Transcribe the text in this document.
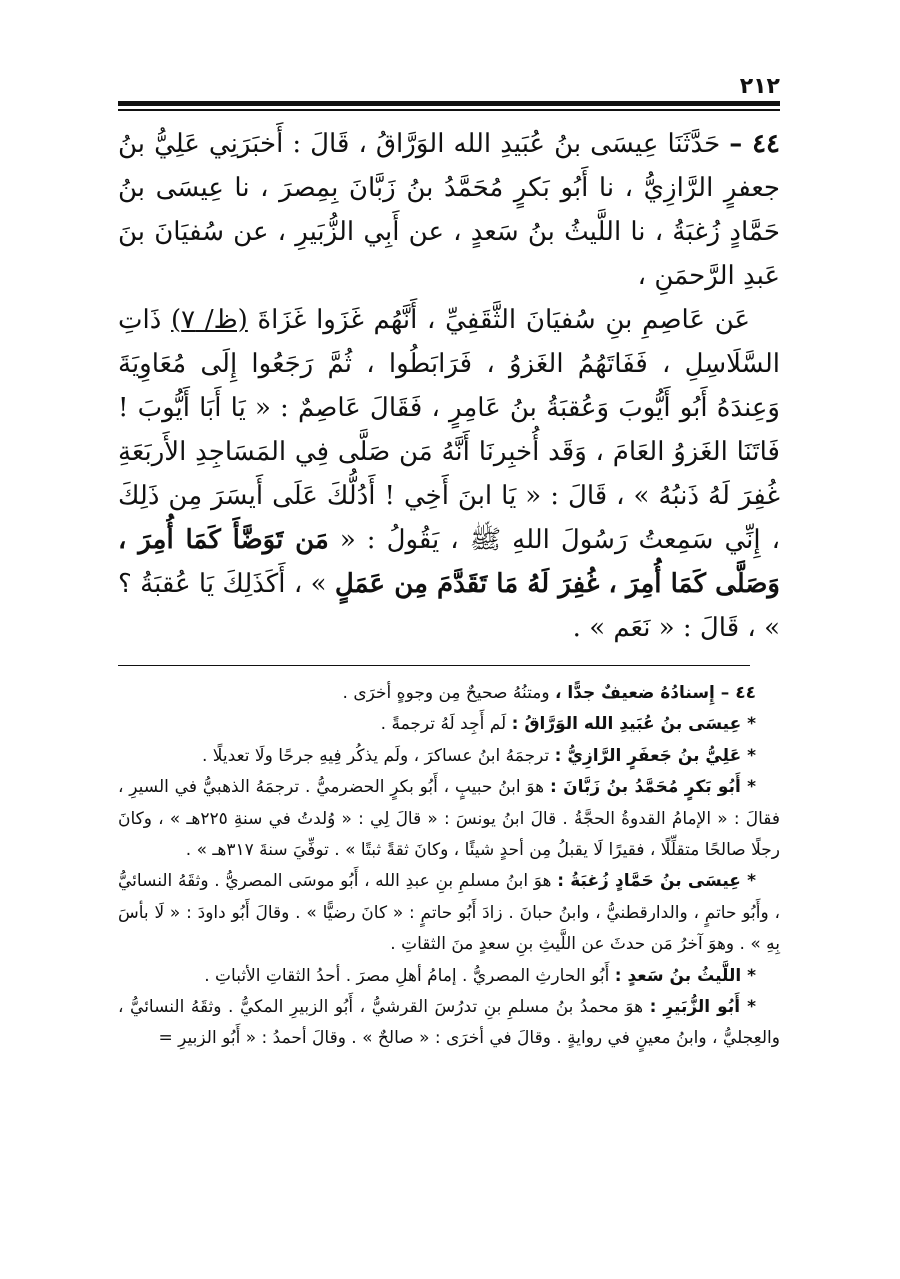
٢١٢

٤٤ – حَدَّثَنَا عِيسَى بنُ عُبَيدِ الله الوَرَّاقُ ، قَالَ : أَخبَرَنِي عَلِيُّ بنُ جعفرٍ الرَّازِيُّ ، نا أَبُو بَكرٍ مُحَمَّدُ بنُ زَبَّانَ بِمِصرَ ، نا عِيسَى بنُ حَمَّادٍ زُغبَةُ ، نا اللَّيثُ بنُ سَعدٍ ، عن أَبِي الزُّبَيرِ ، عن سُفيَانَ بنَ عَبدِ الرَّحمَنِ ،

عَن عَاصِمِ بنِ سُفيَانَ الثَّقَفِيِّ ، أَنَّهُم غَزَوا غَزَاةَ (ظ/ ٧) ذَاتِ السَّلَاسِلِ ، فَفَاتَهُمُ الغَزوُ ، فَرَابَطُوا ، ثُمَّ رَجَعُوا إِلَى مُعَاوِيَةَ وَعِندَهُ أَبُو أَيُّوبَ وَعُقبَةُ بنُ عَامِرٍ ، فَقَالَ عَاصِمٌ : « يَا أَبَا أَيُّوبَ ! فَاتَنَا الغَزوُ العَامَ ، وَقَد أُخبِرنَا أَنَّهُ مَن صَلَّى فِي المَسَاجِدِ الأَربَعَةِ غُفِرَ لَهُ ذَنبُهُ » ، قَالَ : « يَا ابنَ أَخِي ! أَدُلُّكَ عَلَى أَيسَرَ مِن ذَلِكَ ، إِنِّي سَمِعتُ رَسُولَ اللهِ ﷺ ، يَقُولُ : « مَن تَوَضَّأَ كَمَا أُمِرَ ، وَصَلَّى كَمَا أُمِرَ ، غُفِرَ لَهُ مَا تَقَدَّمَ مِن عَمَلٍ » ، أَكَذَلِكَ يَا عُقبَةُ ؟ » ، قَالَ : « نَعَم » .

٤٤ – إِسنادُهُ ضعيفٌ جدًّا ، ومتنُهُ صحيحٌ مِن وجوهٍ أخرَى .

* عِيسَى بنُ عُبَيدِ الله الوَرَّاقُ : لَم أَجِد لَهُ ترجمةً .

* عَلِيُّ بنُ جَعفَرٍ الرَّازِيُّ : ترجمَهُ ابنُ عساكرَ ، ولَم يذكُر فِيهِ جرحًا ولَا تعديلًا .

* أَبُو بَكرٍ مُحَمَّدُ بنُ زَبَّانَ : هوَ ابنُ حبيبٍ ، أَبُو بكرٍ الحضرميُّ . ترجمَهُ الذهبيُّ في السيرِ ، فقالَ : « الإمامُ القدوةُ الحجَّةُ . قالَ ابنُ يونسَ : « قالَ لِي : « وُلدتُ في سنةِ ٢٢٥هـ » ، وكانَ رجلًا صالحًا متقلِّلًا ، فقيرًا لَا يقبلُ مِن أحدٍ شيئًا ، وكانَ ثقةً ثبتًا » . توفِّيَ سنةَ ٣١٧هـ » .

* عِيسَى بنُ حَمَّادٍ زُغبَةُ : هوَ ابنُ مسلمِ بنِ عبدِ الله ، أَبُو موسَى المصريُّ . وثقَهُ النسائيُّ ، وأَبُو حاتمٍ ، والدارقطنيُّ ، وابنُ حبانَ . زادَ أَبُو حاتمٍ : « كانَ رضيًّا » . وقالَ أَبُو داودَ : « لَا بأسَ بِهِ » . وهوَ آخرُ مَن حدثَ عن اللَّيثِ بنِ سعدٍ منَ الثقاتِ .

* اللَّيثُ بنُ سَعدٍ : أَبُو الحارثِ المصريُّ . إمامُ أهلِ مصرَ . أحدُ الثقاتِ الأثباتِ .

* أَبُو الزُّبَيرِ : هوَ محمدُ بنُ مسلمِ بنِ تدرُسَ القرشيُّ ، أَبُو الزبيرِ المكيُّ . وثقَهُ النسائيُّ ، والعِجليُّ ، وابنُ معينٍ في روايةٍ . وقالَ في أخرَى : « صالحٌ » . وقالَ أحمدُ : « أَبُو الزبيرِ =
